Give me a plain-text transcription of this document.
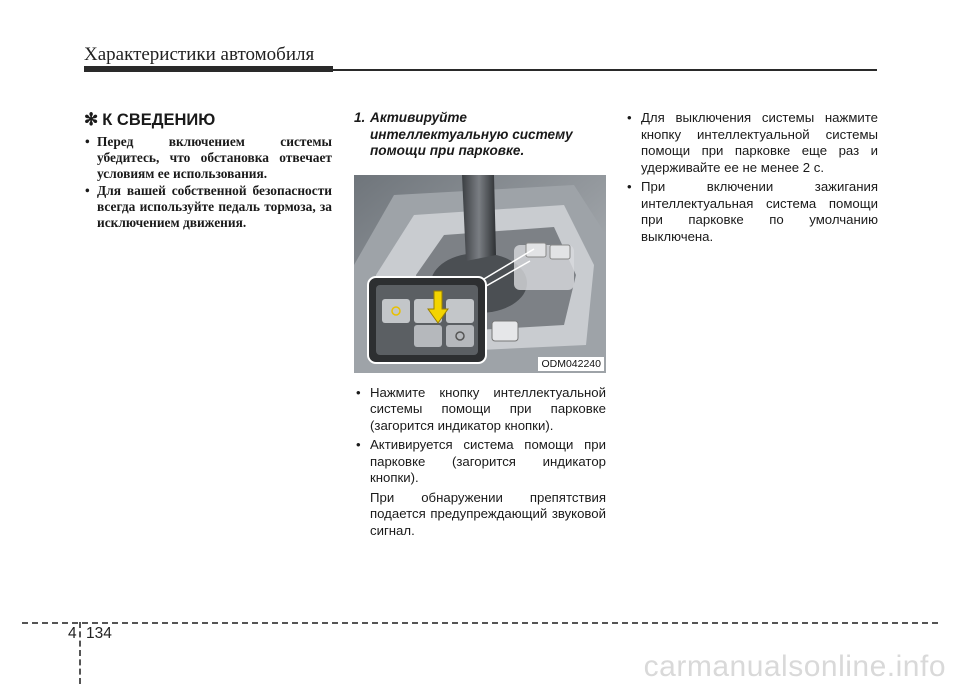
Характеристики автомобиля
✻ К СВЕДЕНИЮ
• Перед включением системы убедитесь, что обстановка отвечает условиям ее использования.
• Для вашей собственной безопасности всегда используйте педаль тормоза, за исключением движения.
1. Активируйте интеллектуальную систему помощи при парковке.
ODM042240
• Нажмите кнопку интеллектуальной системы помощи при парковке (загорится индикатор кнопки).
• Активируется система помощи при парковке (загорится индикатор кнопки).
При обнаружении препятствия подается предупреждающий звуковой сигнал.
• Для выключения системы нажмите кнопку интеллектуальной системы помощи при парковке еще раз и удерживайте ее не менее 2 с.
• При включении зажигания интеллектуальная система помощи при парковке по умолчанию выключена.
4 134
carmanualsonline.info
